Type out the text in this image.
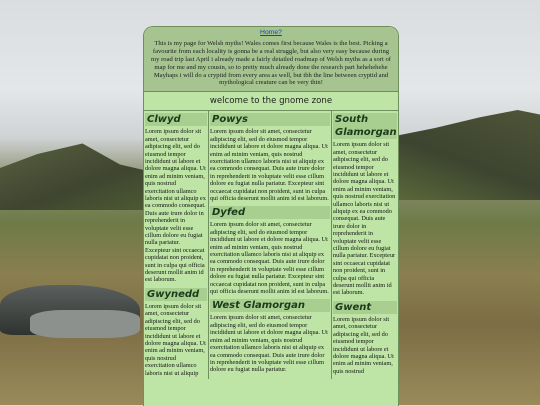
Home?
This is my page for Welsh myths! Wales comes first because Wales is the best. Picking a favourite from each locality is gonna be a real struggle, but also very easy because during my road trip last April i already made a fairly detailed roadmap of Welsh myths as a sort of map for me and my cousin, so to pretty much already done the research part hehehehehe Mayhaps i will do a cryptid from every area as well, but tbh the line between cryptid and mythological creature can be very thin!
welcome to the gnome zone
Clwyd

Lorem ipsum dolor sit amet, consectetur adipiscing elit, sed do eiusmod tempor incididunt ut labore et dolore magna aliqua. Ut enim ad minim veniam, quis nostrud exercitation ullamco laboris nisi ut aliquip ex ea commodo consequat. Duis aute irure dolor in reprehenderit in voluptate velit esse cillum dolore eu fugiat nulla pariatur. Excepteur sint occaecat cupidatat non proident, sunt in culpa qui officia deserunt mollit anim id est laborum.

Gwynedd

Lorem ipsum dolor sit amet, consectetur adipiscing elit, sed do eiusmod tempor incididunt ut labore et dolore magna aliqua. Ut enim ad minim veniam, quis nostrud exercitation ullamco laboris nisi ut aliquip

Powys

Lorem ipsum dolor sit amet, consectetur adipiscing elit, sed do eiusmod tempor incididunt ut labore et dolore magna aliqua. Ut enim ad minim veniam, quis nostrud exercitation ullamco laboris nisi ut aliquip ex ea commodo consequat. Duis aute irure dolor in reprehenderit in voluptate velit esse cillum dolore eu fugiat nulla pariatur. Excepteur sint occaecat cupidatat non proident, sunt in culpa qui officia deserunt mollit anim id est laborum.

Dyfed

Lorem ipsum dolor sit amet, consectetur adipiscing elit, sed do eiusmod tempor incididunt ut labore et dolore magna aliqua. Ut enim ad minim veniam, quis nostrud exercitation ullamco laboris nisi ut aliquip ex ea commodo consequat. Duis aute irure dolor in reprehenderit in voluptate velit esse cillum dolore eu fugiat nulla pariatur. Excepteur sint occaecat cupidatat non proident, sunt in culpa qui officia deserunt mollit anim id est laborum.

West Glamorgan

Lorem ipsum dolor sit amet, consectetur adipiscing elit, sed do eiusmod tempor incididunt ut labore et dolore magna aliqua. Ut enim ad minim veniam, quis nostrud exercitation ullamco laboris nisi ut aliquip ex ea commodo consequat. Duis aute irure dolor in reprehenderit in voluptate velit esse cillum dolore eu fugiat nulla pariatur.

South Glamorgan

Lorem ipsum dolor sit amet, consectetur adipiscing elit, sed do eiusmod tempor incididunt ut labore et dolore magna aliqua. Ut enim ad minim veniam, quis nostrud exercitation ullamco laboris nisi ut aliquip ex ea commodo consequat. Duis aute irure dolor in reprehenderit in voluptate velit esse cillum dolore eu fugiat nulla pariatur. Excepteur sint occaecat cupidatat non proident, sunt in culpa qui officia deserunt mollit anim id est laborum.

Gwent

Lorem ipsum dolor sit amet, consectetur adipiscing elit, sed do eiusmod tempor incididunt ut labore et dolore magna aliqua. Ut enim ad minim veniam, quis nostrud
